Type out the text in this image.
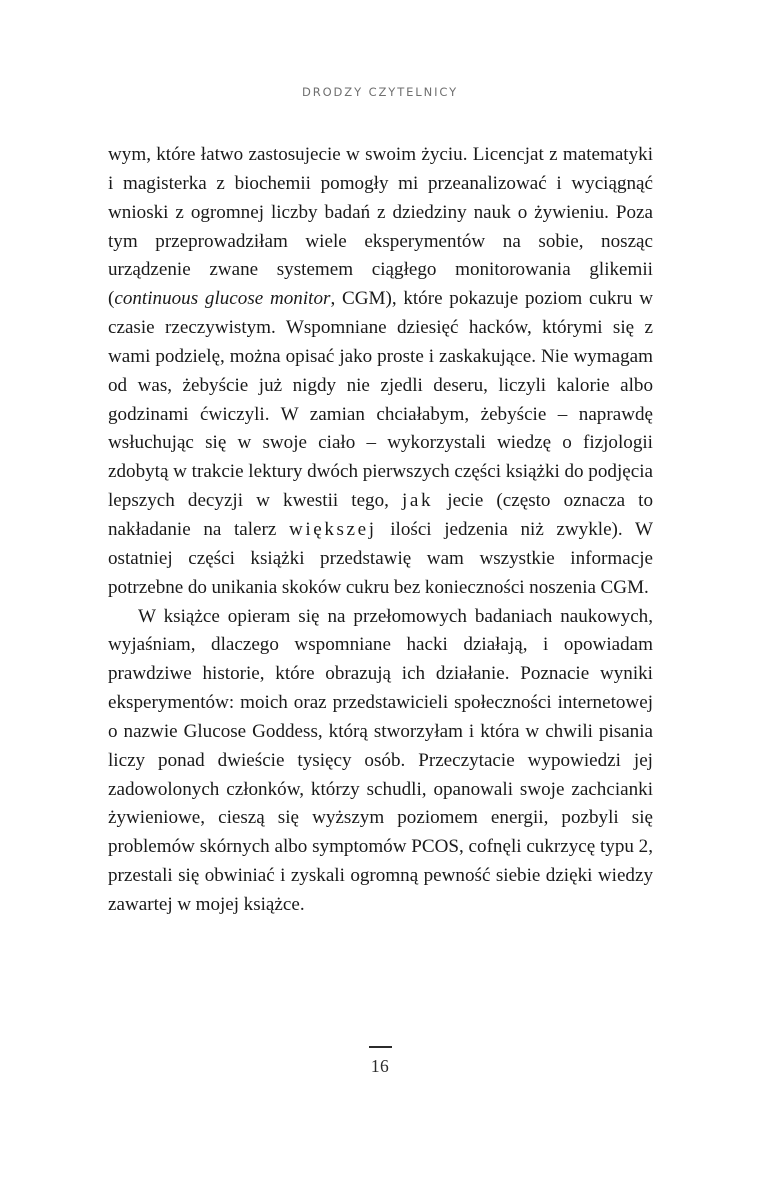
DRODZY CZYTELNICY

wym, które łatwo zastosujecie w swoim życiu. Licencjat z matematyki i magisterka z biochemii pomogły mi przeanalizować i wyciągnąć wnioski z ogromnej liczby badań z dziedziny nauk o żywieniu. Poza tym przeprowadziłam wiele eksperymentów na sobie, nosząc urządzenie zwane systemem ciągłego monitorowania glikemii (continuous glucose monitor, CGM), które pokazuje poziom cukru w czasie rzeczywistym. Wspomniane dziesięć hacków, którymi się z wami podzielę, można opisać jako proste i zaskakujące. Nie wymagam od was, żebyście już nigdy nie zjedli deseru, liczyli kalorie albo godzinami ćwiczyli. W zamian chciałabym, żebyście – naprawdę wsłuchując się w swoje ciało – wykorzystali wiedzę o fizjologii zdobytą w trakcie lektury dwóch pierwszych części książki do podjęcia lepszych decyzji w kwestii tego, jak jecie (często oznacza to nakładanie na talerz większej ilości jedzenia niż zwykle). W ostatniej części książki przedstawię wam wszystkie informacje potrzebne do unikania skoków cukru bez konieczności noszenia CGM.

W książce opieram się na przełomowych badaniach naukowych, wyjaśniam, dlaczego wspomniane hacki działają, i opowiadam prawdziwe historie, które obrazują ich działanie. Poznacie wyniki eksperymentów: moich oraz przedstawicieli społeczności internetowej o nazwie Glucose Goddess, którą stworzyłam i która w chwili pisania liczy ponad dwieście tysięcy osób. Przeczytacie wypowiedzi jej zadowolonych członków, którzy schudli, opanowali swoje zachcianki żywieniowe, cieszą się wyższym poziomem energii, pozbyli się problemów skórnych albo symptomów PCOS, cofnęli cukrzycę typu 2, przestali się obwiniać i zyskali ogromną pewność siebie dzięki wiedzy zawartej w mojej książce.

16
